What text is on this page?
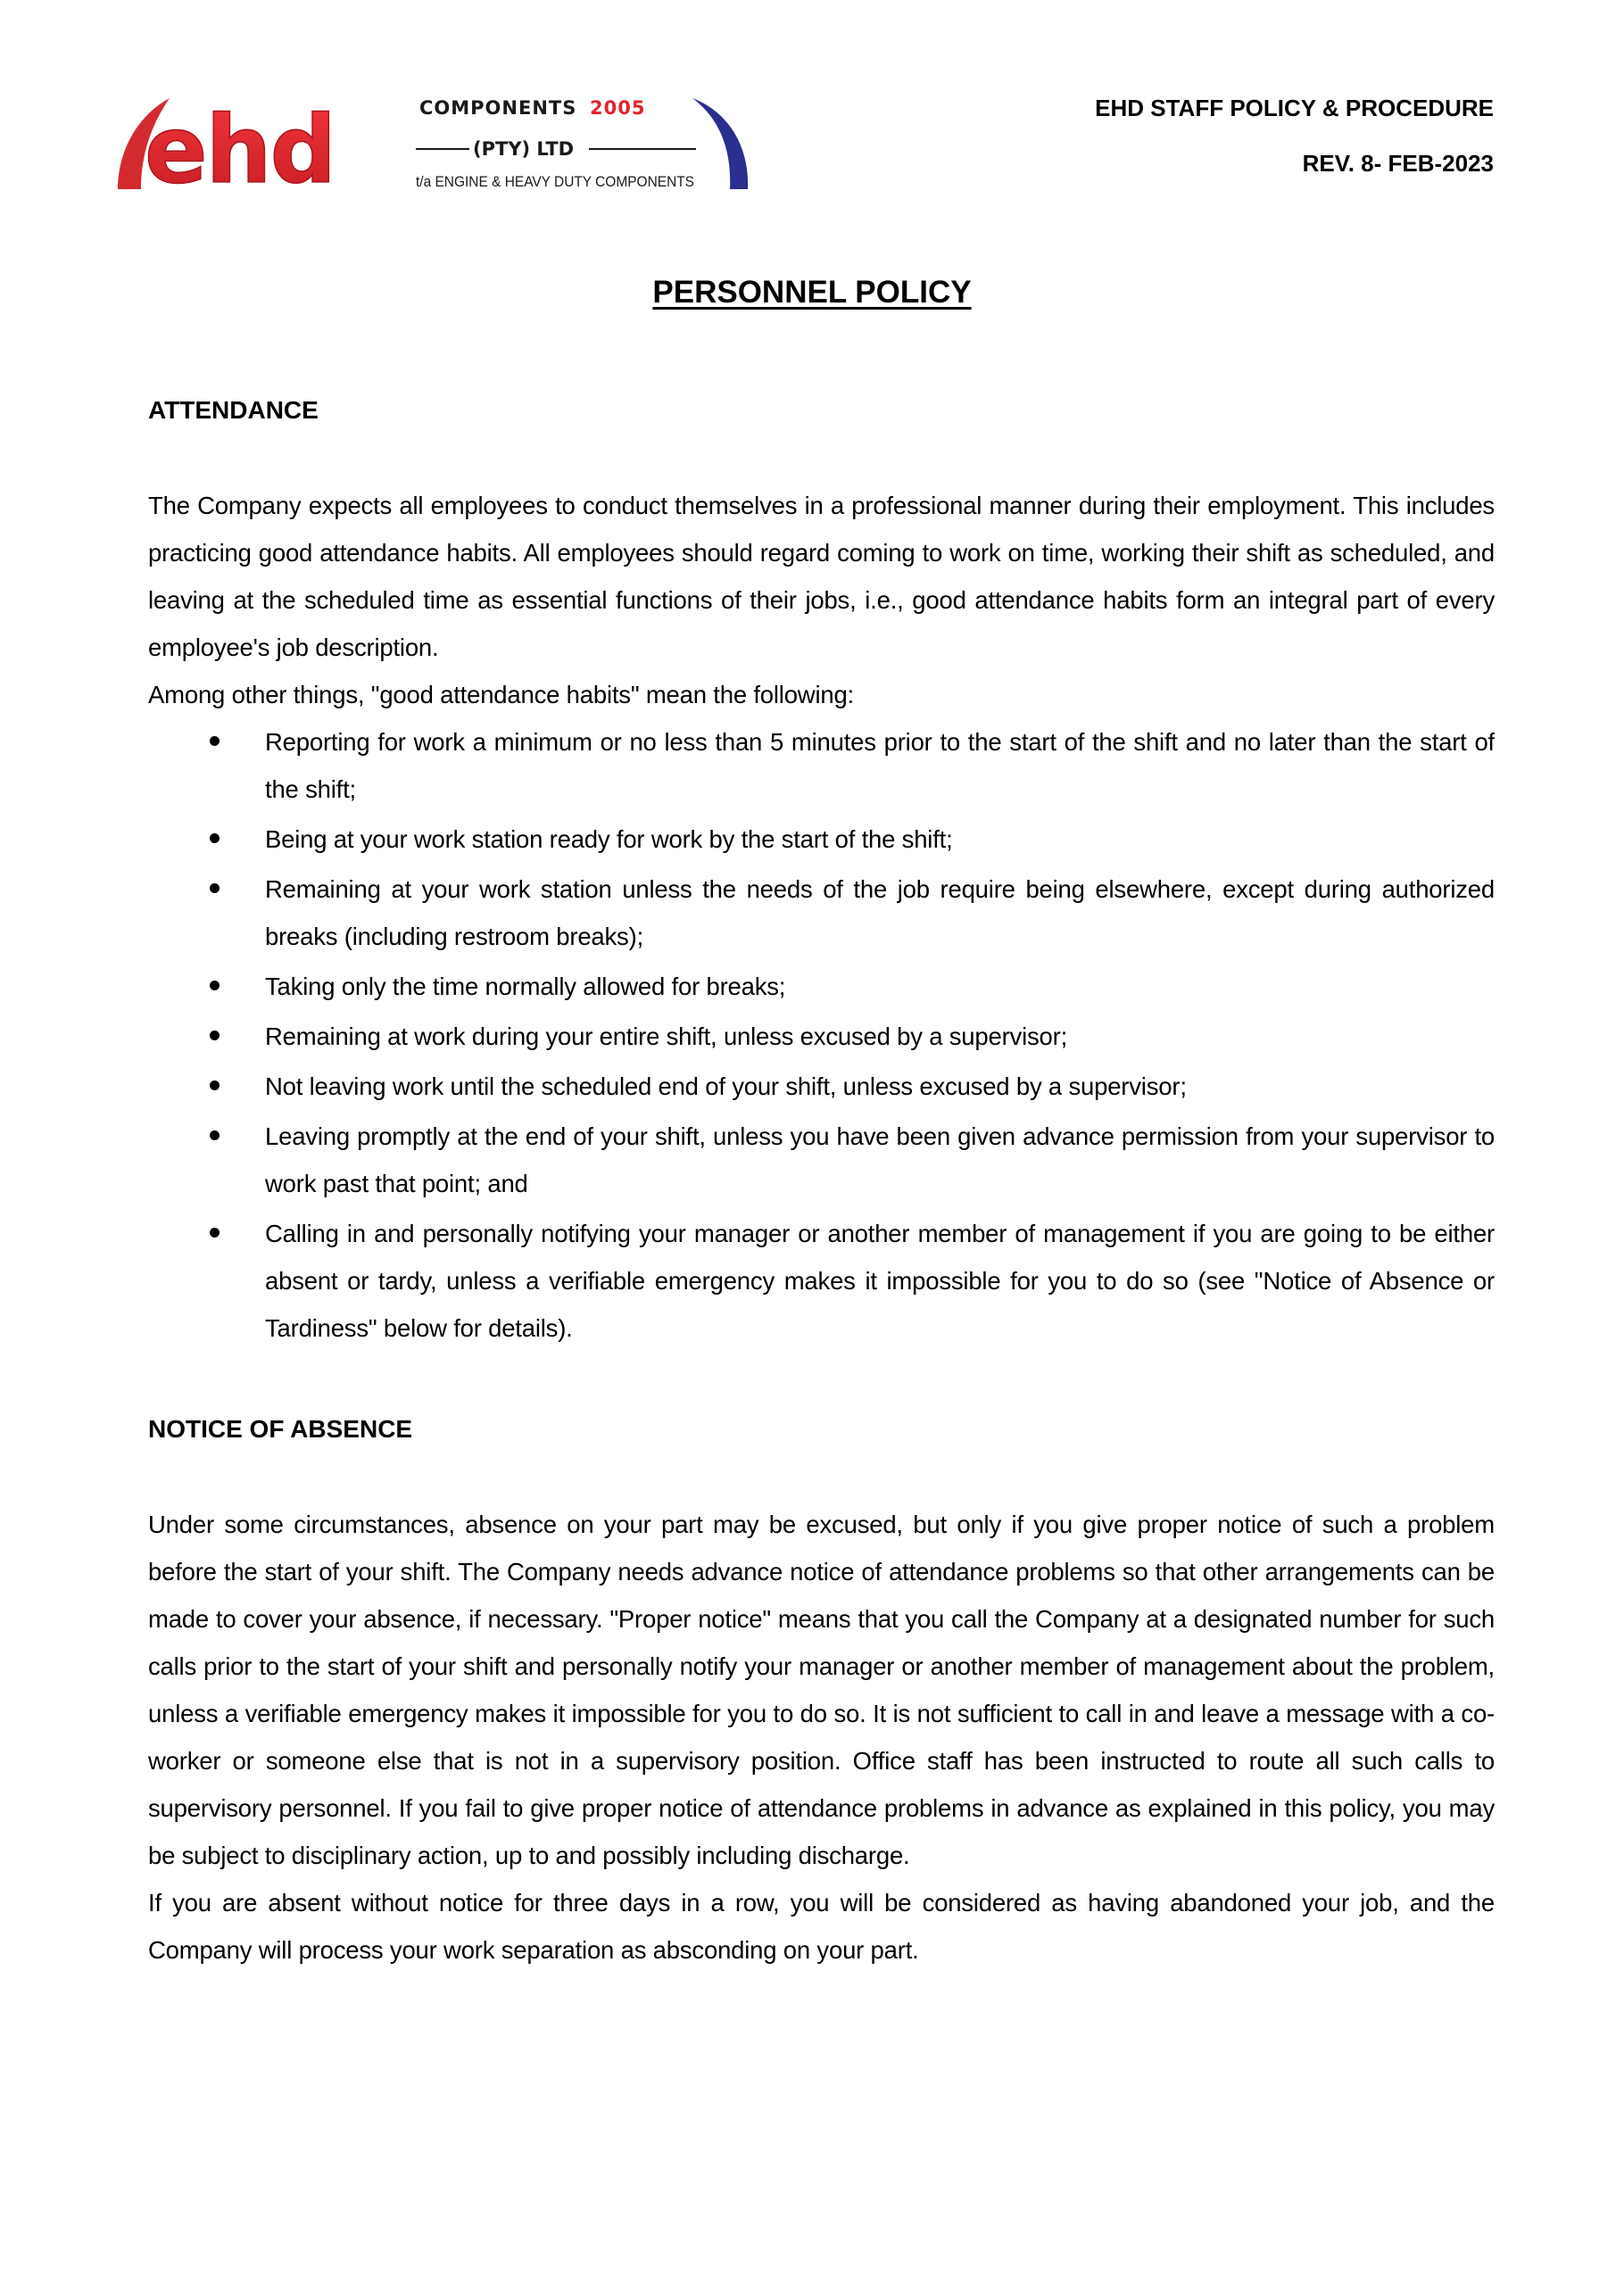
ehd	COMPONENTS 2005
(PTY) LTD
t/a ENGINE & HEAVY DUTY COMPONENTS
EHD STAFF POLICY & PROCEDURE
REV. 8- FEB-2023
PERSONNEL POLICY
ATTENDANCE

The Company expects all employees to conduct themselves in a professional manner during their employment. This includes practicing good attendance habits. All employees should regard coming to work on time, working their shift as scheduled, and leaving at the scheduled time as essential functions of their jobs, i.e., good attendance habits form an integral part of every employee's job description.

Among other things, "good attendance habits" mean the following:

Reporting for work a minimum or no less than 5 minutes prior to the start of the shift and no later than the start of the shift;
Being at your work station ready for work by the start of the shift;
Remaining at your work station unless the needs of the job require being elsewhere, except during authorized breaks (including restroom breaks);
Taking only the time normally allowed for breaks;
Remaining at work during your entire shift, unless excused by a supervisor;
Not leaving work until the scheduled end of your shift, unless excused by a supervisor;
Leaving promptly at the end of your shift, unless you have been given advance permission from your supervisor to work past that point; and
Calling in and personally notifying your manager or another member of management if you are going to be either absent or tardy, unless a verifiable emergency makes it impossible for you to do so (see "Notice of Absence or Tardiness" below for details).
NOTICE OF ABSENCE

Under some circumstances, absence on your part may be excused, but only if you give proper notice of such a problem before the start of your shift. The Company needs advance notice of attendance problems so that other arrangements can be made to cover your absence, if necessary. "Proper notice" means that you call the Company at a designated number for such calls prior to the start of your shift and personally notify your manager or another member of management about the problem, unless a verifiable emergency makes it impossible for you to do so. It is not sufficient to call in and leave a message with a co-worker or someone else that is not in a supervisory position. Office staff has been instructed to route all such calls to supervisory personnel. If you fail to give proper notice of attendance problems in advance as explained in this policy, you may be subject to disciplinary action, up to and possibly including discharge.

If you are absent without notice for three days in a row, you will be considered as having abandoned your job, and the Company will process your work separation as absconding on your part.
